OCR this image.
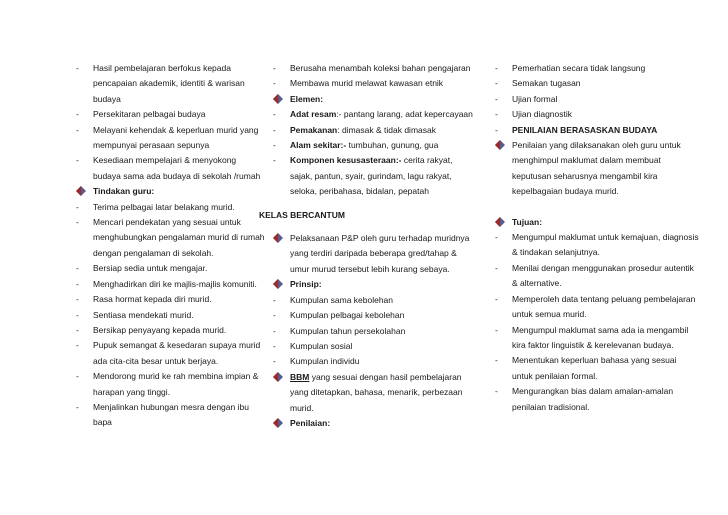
-	Hasil pembelajaran berfokus kepada pencapaian akademik, identiti & warisan budaya
-	Persekitaran pelbagai budaya
-	Melayani kehendak & keperluan murid yang mempunyai perasaan sepunya
-	Kesediaan mempelajari & menyokong budaya sama ada budaya di sekolah /rumah
Tindakan guru:
-	Terima pelbagai latar belakang murid.
-	Mencari pendekatan yang sesuai untuk menghubungkan pengalaman murid di rumah dengan pengalaman di sekolah.
-	Bersiap sedia untuk mengajar.
-	Menghadirkan diri ke majlis-majlis komuniti.
-	Rasa hormat kepada diri murid.
-	Sentiasa mendekati murid.
-	Bersikap penyayang kepada murid.
-	Pupuk semangat & kesedaran supaya murid ada cita-cita besar untuk berjaya.
-	Mendorong murid ke rah membina impian & harapan yang tinggi.
-	Menjalinkan hubungan mesra dengan ibu bapa
-	Berusaha menambah koleksi bahan pengajaran
-	Membawa murid melawat kawasan etnik
Elemen:
-	Adat resam:- pantang larang, adat kepercayaan
-	Pemakanan: dimasak & tidak dimasak
-	Alam sekitar:- tumbuhan, gunung, gua
-	Komponen kesusasteraan:- cerita rakyat, sajak, pantun, syair, gurindam, lagu rakyat, seloka, peribahasa, bidalan, pepatah
KELAS BERCANTUM
Pelaksanaan P&P oleh guru terhadap muridnya yang terdiri daripada beberapa gred/tahap & umur murud tersebut lebih kurang sebaya.
Prinsip:
-	Kumpulan sama kebolehan
-	Kumpulan pelbagai kebolehan
-	Kumpulan tahun persekolahan
-	Kumpulan sosial
-	Kumpulan individu
BBM yang sesuai dengan hasil pembelajaran yang ditetapkan, bahasa, menarik, perbezaan murid.
Penilaian:
-	Pemerhatian secara tidak langsung
-	Semakan tugasan
-	Ujian formal
-	Ujian diagnostik
-	PENILAIAN BERASASKAN BUDAYA
Penilaian yang dilaksanakan oleh guru untuk menghimpul maklumat dalam membuat keputusan seharusnya mengambil kira kepelbagaian budaya murid.
Tujuan:
-	Mengumpul maklumat untuk kemajuan, diagnosis & tindakan selanjutnya.
-	Menilai dengan menggunakan prosedur autentik & alternative.
-	Memperoleh data tentang peluang pembelajaran untuk semua murid.
-	Mengumpul maklumat sama ada ia mengambil kira faktor linguistik & kerelevanan budaya.
-	Menentukan keperluan bahasa yang sesuai untuk penilaian formal.
-	Mengurangkan bias dalam amalan-amalan penilaian tradisional.
